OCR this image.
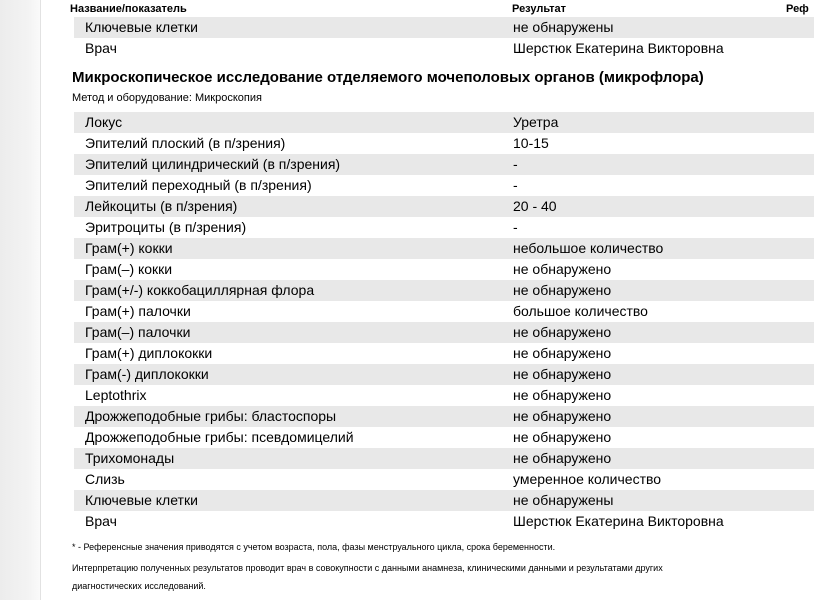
Название/показатель	Результат	Реф
Ключевые клетки	не обнаружены
Врач	Шерстюк Екатерина Викторовна
Микроскопическое исследование отделяемого мочеполовых органов (микрофлора)
Метод и оборудование: Микроскопия
Локус	Уретра
Эпителий плоский (в п/зрения)	10-15
Эпителий цилиндрический (в п/зрения)	-
Эпителий переходный (в п/зрения)	-
Лейкоциты (в п/зрения)	20 - 40
Эритроциты (в п/зрения)	-
Грам(+) кокки	небольшое количество
Грам(–) кокки	не обнаружено
Грам(+/-) коккобациллярная флора	не обнаружено
Грам(+) палочки	большое количество
Грам(–) палочки	не обнаружено
Грам(+) диплококки	не обнаружено
Грам(-) диплококки	не обнаружено
Leptothrix	не обнаружено
Дрожжеподобные грибы: бластоспоры	не обнаружено
Дрожжеподобные грибы: псевдомицелий	не обнаружено
Трихомонады	не обнаружено
Слизь	умеренное количество
Ключевые клетки	не обнаружены
Врач	Шерстюк Екатерина Викторовна
* - Референсные значения приводятся с учетом возраста, пола, фазы менструального цикла, срока беременности.
Интерпретацию полученных результатов проводит врач в совокупности с данными анамнеза, клиническими данными и результатами других
диагностических исследований.
